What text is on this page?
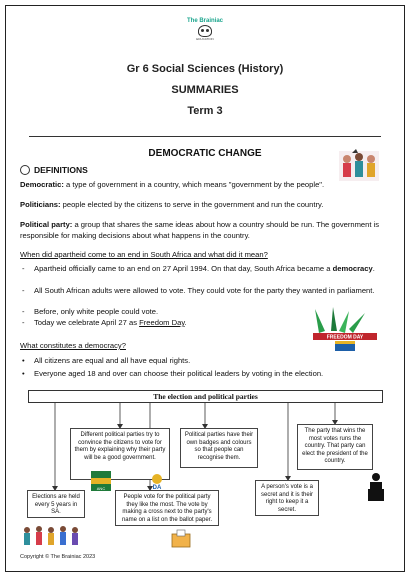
The Brainiac
EDUCATION
Gr 6 Social Sciences (History)
SUMMARIES
Term 3
DEMOCRATIC CHANGE
DEFINITIONS
Democratic: a type of government in a country, which means "government by the people".
Politicians: people elected by the citizens to serve in the government and run the country.
Political party: a group that shares the same ideas about how a country should be run. The government is responsible for making decisions about what happens in the country.
When did apartheid come to an end in South Africa and what did it mean?
- Apartheid officially came to an end on 27 April 1994. On that day, South Africa became a democracy.
- All South African adults were allowed to vote. They could vote for the party they wanted in parliament.
- Before, only white people could vote.
- Today we celebrate April 27 as Freedom Day.
FREEDOM DAY
What constitutes a democracy?
• All citizens are equal and all have equal rights.
• Everyone aged 18 and over can choose their political leaders by voting in the election.
The election and political parties
Different political parties try to convince the citizens to vote for them by explaining why their party will be a good government.
Political parties have their own badges and colours so that people can recognise them.
The party that wins the most votes runs the country. That party can elect the president of the country.
Elections are held every 5 years in SA.
People vote for the political party they like the most. The vote by making a cross next to the party's name on a list on the ballot paper.
A person's vote is a secret and it is their right to keep it a secret.
ANC	DA
Copyright © The Brainiac 2023
